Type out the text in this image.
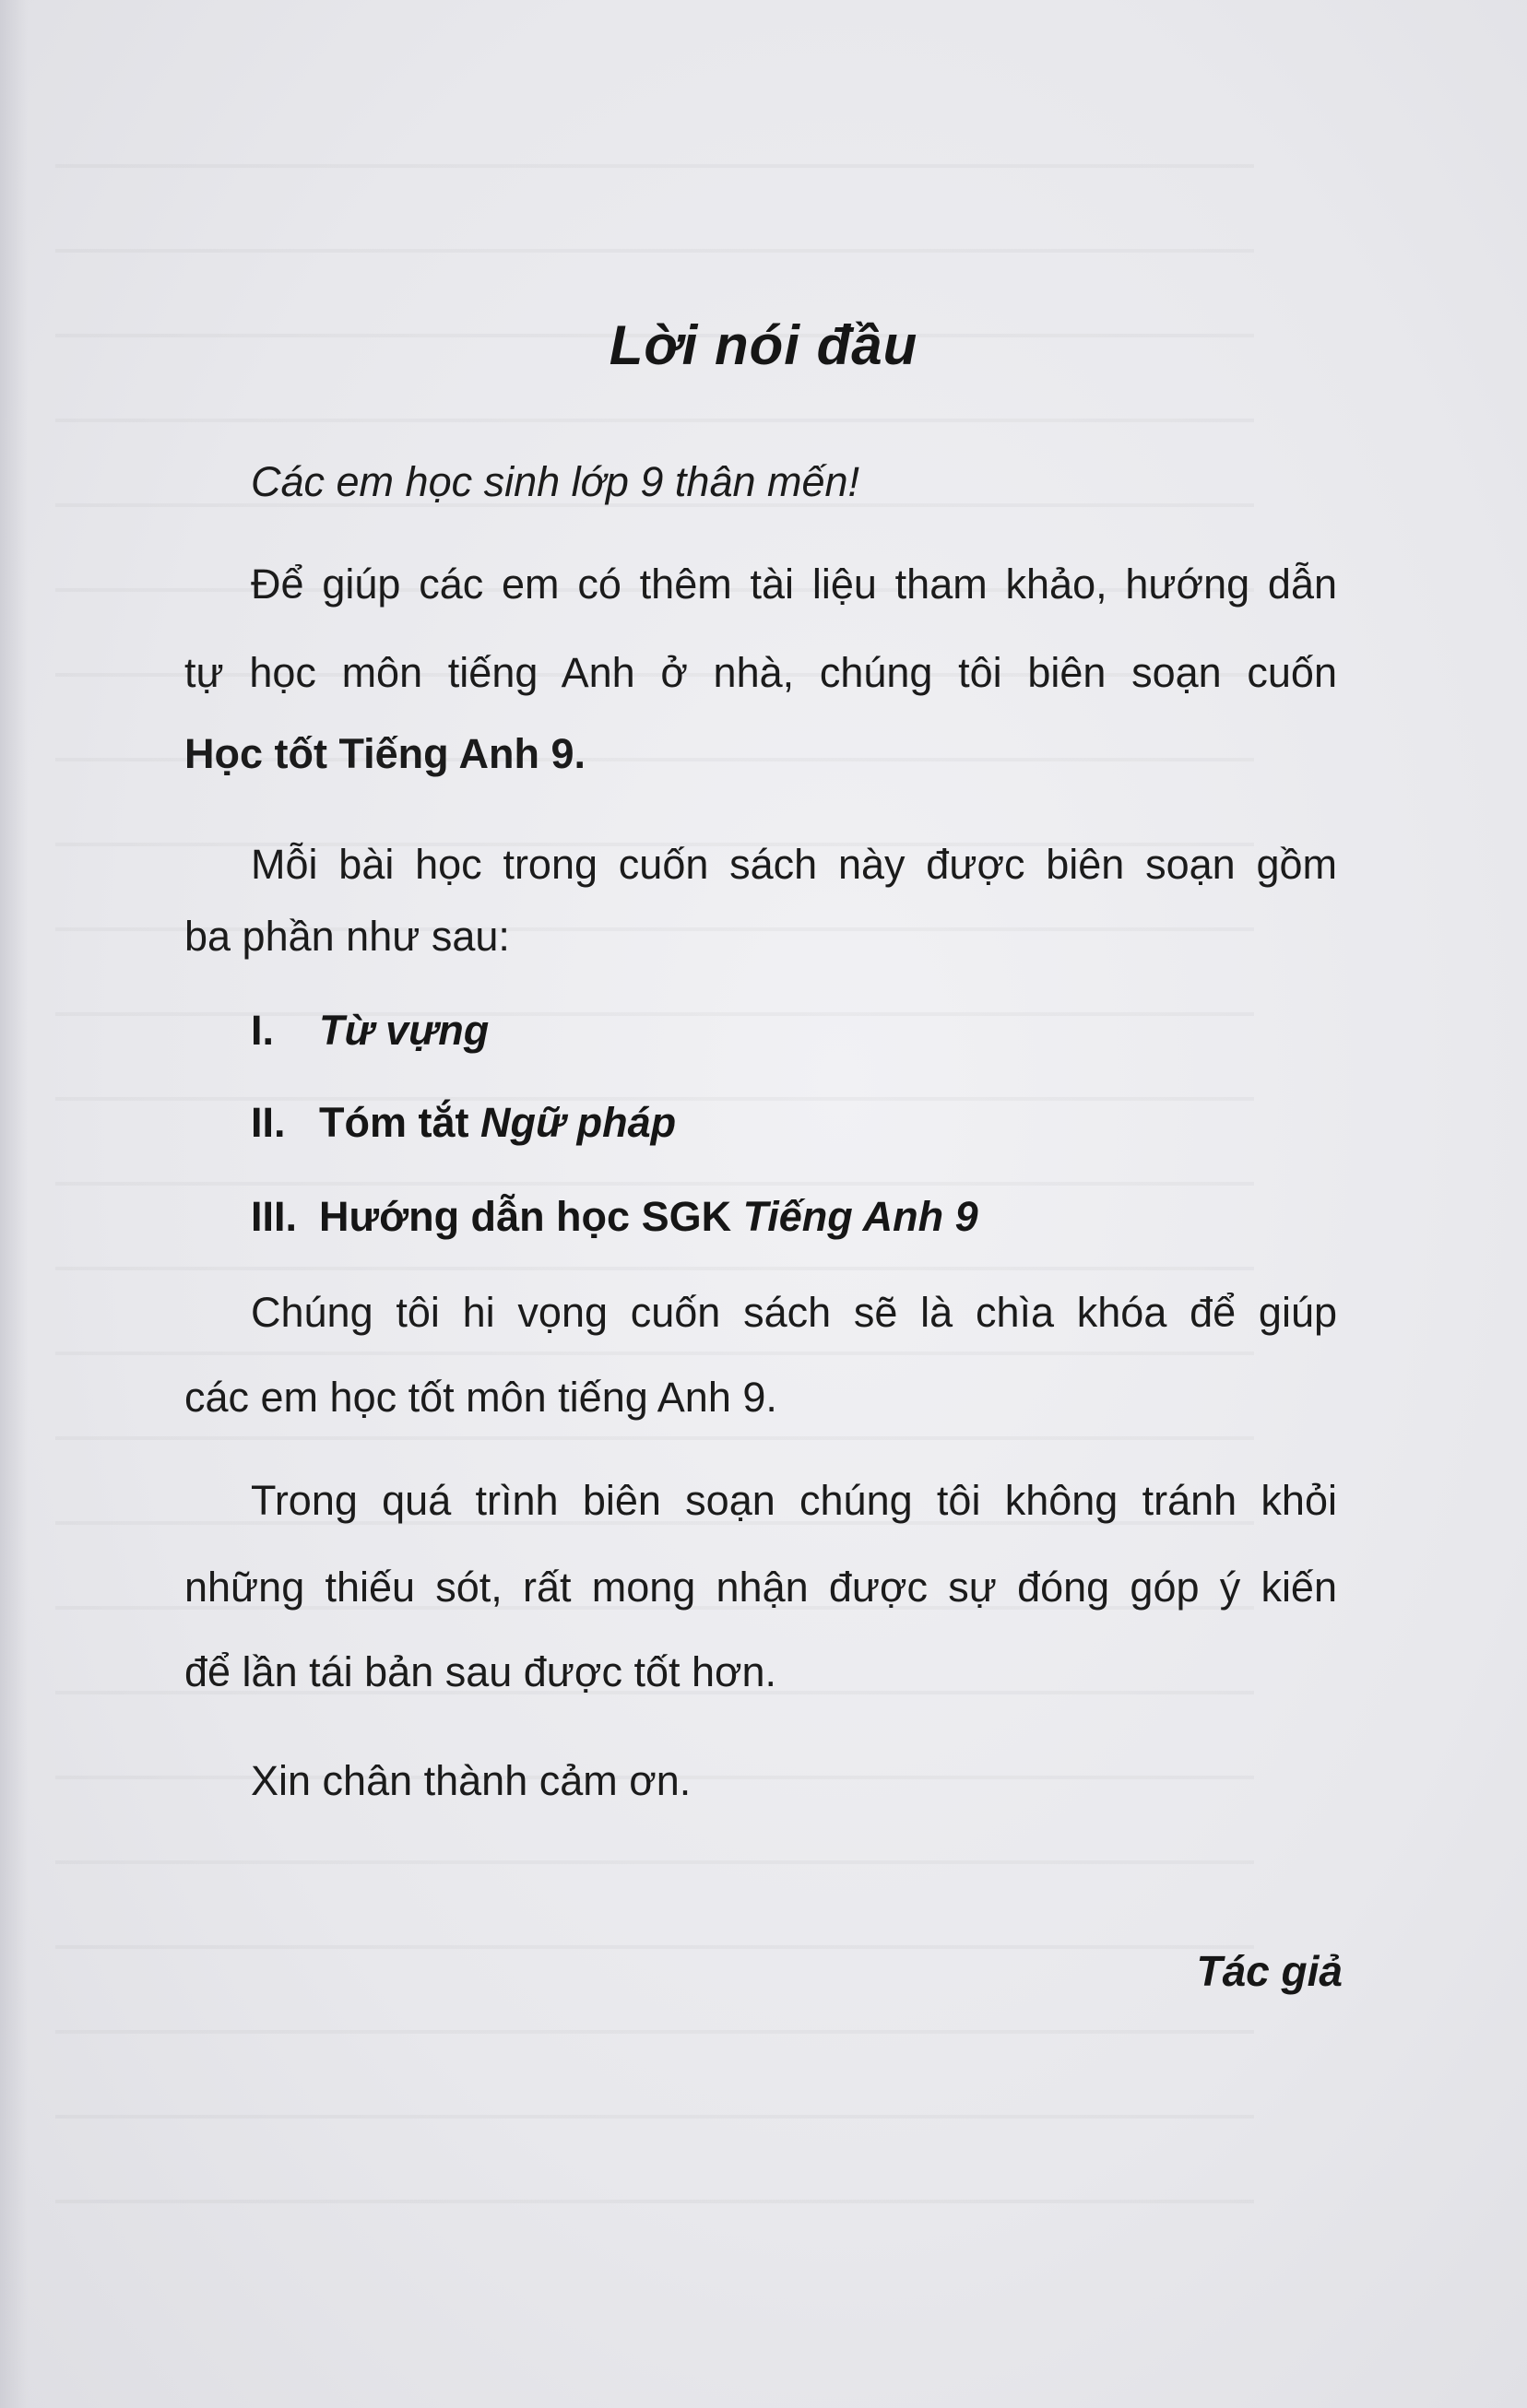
Lời nói đầu
Các em học sinh lớp 9 thân mến!
Để giúp các em có thêm tài liệu tham khảo, hướng dẫn
tự học môn tiếng Anh ở nhà, chúng tôi biên soạn cuốn
Học tốt Tiếng Anh 9.
Mỗi bài học trong cuốn sách này được biên soạn gồm
ba phần như sau:
I. Từ vựng
II. Tóm tắt Ngữ pháp
III. Hướng dẫn học SGK Tiếng Anh 9
Chúng tôi hi vọng cuốn sách sẽ là chìa khóa để giúp
các em học tốt môn tiếng Anh 9.
Trong quá trình biên soạn chúng tôi không tránh khỏi
những thiếu sót, rất mong nhận được sự đóng góp ý kiến
để lần tái bản sau được tốt hơn.
Xin chân thành cảm ơn.
Tác giả
